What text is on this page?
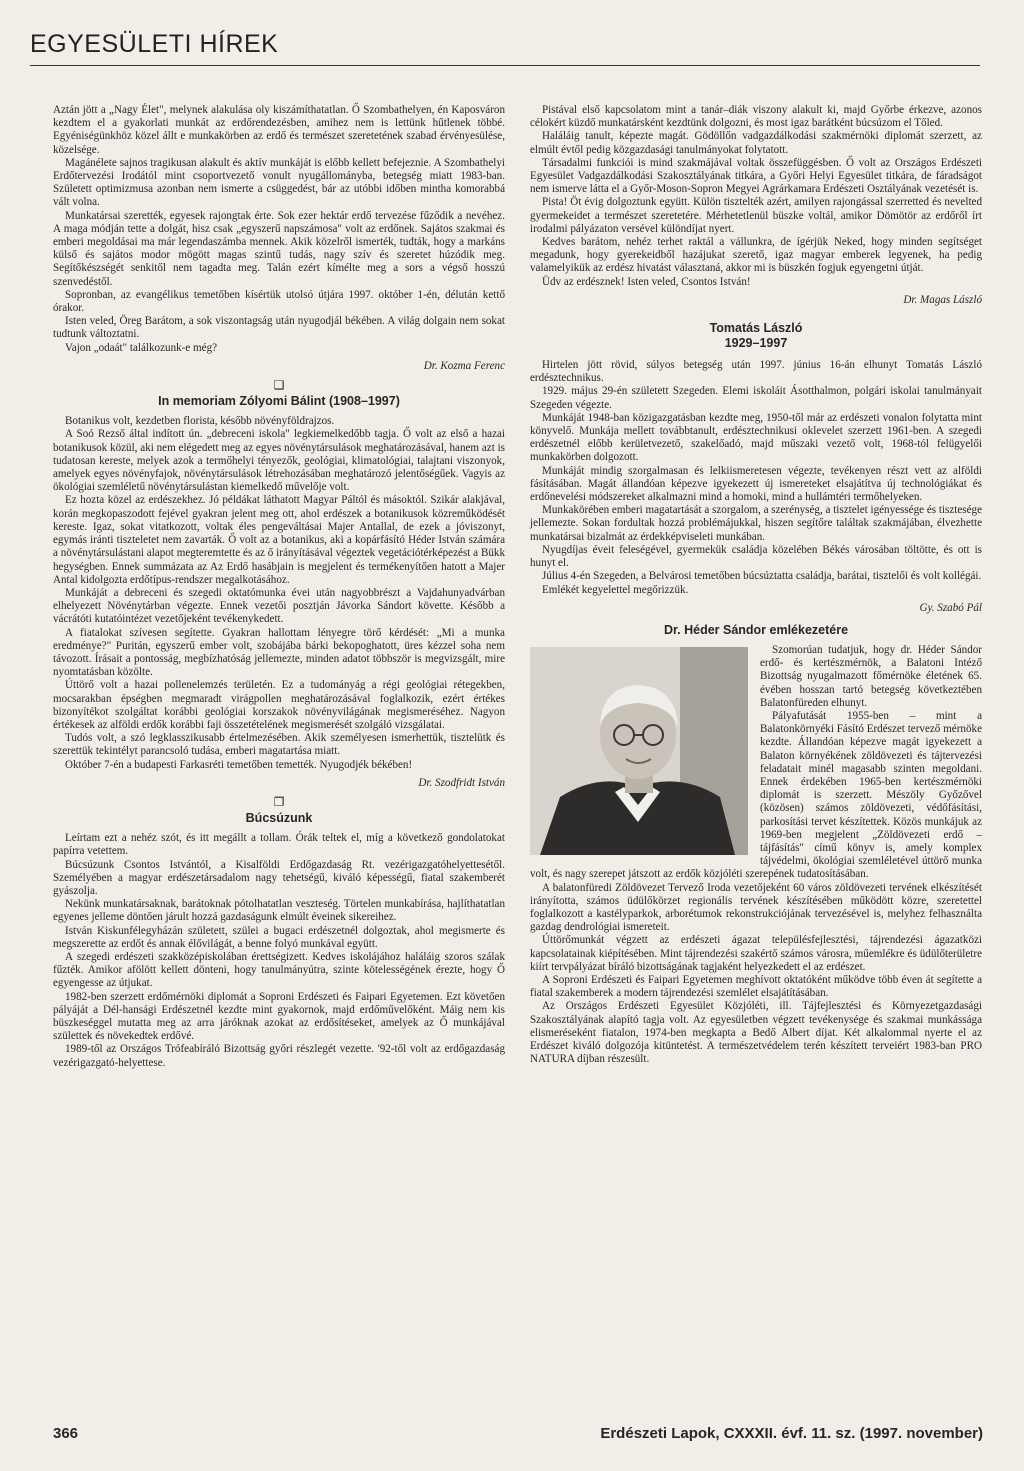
EGYESÜLETI HÍREK

Aztán jött a „Nagy Élet", melynek alakulása oly kiszámíthatatlan. Ő Szombathelyen, én Kaposváron kezdtem el a gyakorlati munkát az erdőrendezésben, amihez nem is lettünk hűtlenek többé. Egyéniségünkhöz közel állt e munkakörben az erdő és természet szeretetének szabad érvényesülése, közelsége.

Magánélete sajnos tragikusan alakult és aktív munkáját is előbb kellett befejeznie. A Szombathelyi Erdőtervezési Irodától mint csoportvezető vonult nyugállományba, betegség miatt 1983-ban. Született optimizmusa azonban nem ismerte a csüggedést, bár az utóbbi időben mintha komorabbá vált volna.

Munkatársai szerették, egyesek rajongtak érte. Sok ezer hektár erdő tervezése fűződik a nevéhez. A maga módján tette a dolgát, hisz csak „egyszerű napszámosa" volt az erdőnek. Sajátos szakmai és emberi megoldásai ma már legendaszámba mennek. Akik közelről ismerték, tudták, hogy a markáns külső és sajátos modor mögött magas szintű tudás, nagy szív és szeretet húzódik meg. Segítőkészségét senkitől nem tagadta meg. Talán ezért kímélte meg a sors a végső hosszú szenvedéstől.

Sopronban, az evangélikus temetőben kísértük utolsó útjára 1997. október 1-én, délután kettő órakor.

Isten veled, Öreg Barátom, a sok viszontagság után nyugodjál békében. A világ dolgain nem sokat tudtunk változtatni.

Vajon „odaát" találkozunk-e még?

Dr. Kozma Ferenc
❑
In memoriam Zólyomi Bálint (1908–1997)

Botanikus volt, kezdetben florista, később növényföldrajzos.

A Soó Rezső által indított ún. „debreceni iskola" legkiemelkedőbb tagja. Ő volt az első a hazai botanikusok közül, aki nem elégedett meg az egyes növénytársulások meghatározásával, hanem azt is tudatosan kereste, melyek azok a termőhelyi tényezők, geológiai, klimatológiai, talajtani viszonyok, amelyek egyes növényfajok, növénytársulások létrehozásában meghatározó jelentőségűek. Vagyis az ökológiai szemléletű növénytársulástan kiemelkedő művelője volt.

Ez hozta közel az erdészekhez. Jó példákat láthatott Magyar Páltól és másoktól. Szikár alakjával, korán megkopaszodott fejével gyakran jelent meg ott, ahol erdészek a botanikusok közreműködését kereste. Igaz, sokat vitatkozott, voltak éles pengeváltásai Majer Antallal, de ezek a jóviszonyt, egymás iránti tiszteletet nem zavarták. Ő volt az a botanikus, aki a kopárfásító Héder István számára a növénytársulástani alapot megteremtette és az ő irányításával végeztek vegetációtérképezést a Bükk hegységben. Ennek summázata az Az Erdő hasábjain is megjelent és termékenyítően hatott a Majer Antal kidolgozta erdőtípus-rendszer megalkotásához.

Munkáját a debreceni és szegedi oktatómunka évei után nagyobbrészt a Vajdahunyadvárban elhelyezett Növénytárban végezte. Ennek vezetői posztján Jávorka Sándort követte. Később a vácrátóti kutatóintézet vezetőjeként tevékenykedett.

A fiatalokat szívesen segítette. Gyakran hallottam lényegre törő kérdését: „Mi a munka eredménye?" Puritán, egyszerű ember volt, szobájába bárki bekopoghatott, üres kézzel soha nem távozott. Írásait a pontosság, megbízhatóság jellemezte, minden adatot többször is megvizsgált, mire nyomtatásban közölte.

Úttörő volt a hazai pollenelemzés területén. Ez a tudományág a régi geológiai rétegekben, mocsarakban épségben megmaradt virágpollen meghatározásával foglalkozik, ezért értékes bizonyítékot szolgáltat korábbi geológiai korszakok növényvilágának megismeréséhez. Nagyon értékesek az alföldi erdők korábbi faji összetételének megismerését szolgáló vizsgálatai.

Tudós volt, a szó legklasszikusabb értelmezésében. Akik személyesen ismerhettük, tisztelütk és szerettük tekintélyt parancsoló tudása, emberi magatartása miatt.

Október 7-én a budapesti Farkasréti temetőben temették. Nyugodjék békében!

Dr. Szodfridt István
❐
Búcsúzunk

Leírtam ezt a nehéz szót, és itt megállt a tollam. Órák teltek el, míg a következő gondolatokat papírra vetettem.

Búcsúzunk Csontos Istvántól, a Kisalföldi Erdőgazdaság Rt. vezérigazgatóhelyettesétől. Személyében a magyar erdészetársadalom nagy tehetségű, kiváló képességű, fiatal szakemberét gyászolja.

Nekünk munkatársaknak, barátoknak pótolhatatlan veszteség. Törtelen munkabírása, hajlíthatatlan egyenes jelleme döntően járult hozzá gazdaságunk elmúlt éveinek sikereihez.

István Kiskunfélegyházán született, szülei a bugaci erdészetnél dolgoztak, ahol megismerte és megszerette az erdőt és annak élővilágát, a benne folyó munkával együtt.

A szegedi erdészeti szakközépiskolában érettségizett. Kedves iskolájához haláláig szoros szálak fűzték. Amikor afölött kellett dönteni, hogy tanulmányútra, szinte kötelességének érezte, hogy Ő egyengesse az útjukat.

1982-ben szerzett erdőmérnöki diplomát a Soproni Erdészeti és Faipari Egyetemen. Ezt követően pályáját a Dél-hansági Erdészetnél kezdte mint gyakornok, majd erdőművelőként. Máig nem kis büszkeséggel mutatta meg az arra járóknak azokat az erdősítéseket, amelyek az Ő munkájával születtek és növekedtek erdővé.

1989-től az Országos Trófeabíráló Bizottság győri részlegét vezette. '92-től volt az erdőgazdaság vezérigazgató-helyettese.

Pistával első kapcsolatom mint a tanár–diák viszony alakult ki, majd Győrbe érkezve, azonos célokért küzdő munkatársként kezdtünk dolgozni, és most igaz barátként búcsúzom el Tőled.

Haláláig tanult, képezte magát. Gödöllőn vadgazdálkodási szakmérnöki diplomát szerzett, az elmúlt évtől pedig közgazdasági tanulmányokat folytatott.

Társadalmi funkciói is mind szakmájával voltak összefüggésben. Ő volt az Országos Erdészeti Egyesület Vadgazdálkodási Szakosztályának titkára, a Győri Helyi Egyesület titkára, de fáradságot nem ismerve látta el a Győr-Moson-Sopron Megyei Agrárkamara Erdészeti Osztályának vezetését is.

Pista! Öt évig dolgoztunk együtt. Külön tisztelték azért, amilyen rajongással szerretted és nevelted gyermekeidet a természet szeretetére. Mérhetetlenül büszke voltál, amikor Dömötör az erdőről írt irodalmi pályázaton versével különdíjat nyert.

Kedves barátom, nehéz terhet raktál a vállunkra, de ígérjük Neked, hogy minden segítséget megadunk, hogy gyerekeidből hazájukat szerető, igaz magyar emberek legyenek, ha pedig valamelyikük az erdész hivatást választaná, akkor mi is büszkén fogjuk egyengetni útját.

Üdv az erdésznek! Isten veled, Csontos István!

Dr. Magas László
Tomatás László
1929–1997

Hirtelen jött rövid, súlyos betegség után 1997. június 16-án elhunyt Tomatás László erdésztechnikus.

1929. május 29-én született Szegeden. Elemi iskoláit Ásotthalmon, polgári iskolai tanulmányait Szegeden végezte.

Munkáját 1948-ban közigazgatásban kezdte meg, 1950-től már az erdészeti vonalon folytatta mint könyvelő. Munkája mellett továbbtanult, erdésztechnikusi oklevelet szerzett 1961-ben. A szegedi erdészetnél előbb kerületvezető, szakelőadó, majd műszaki vezető volt, 1968-tól felügyelői munkakörben dolgozott.

Munkáját mindig szorgalmasan és lelkiismeretesen végezte, tevékenyen részt vett az alföldi fásításában. Magát állandóan képezve igyekezett új ismereteket elsajátítva új technológiákat és erdőnevelési módszereket alkalmazni mind a homoki, mind a hullámtéri termőhelyeken.

Munkakörében emberi magatartását a szorgalom, a szerénység, a tisztelet igényessége és tisztesége jellemezte. Sokan fordultak hozzá problémájukkal, hiszen segítőre találtak szakmájában, élvezhette munkatársai bizalmát az érdekképviseleti munkában.

Nyugdíjas éveit feleségével, gyermekük családja közelében Békés városában töltötte, és ott is hunyt el.

Július 4-én Szegeden, a Belvárosi temetőben búcsúztatta családja, barátai, tisztelői és volt kollégái.

Emlékét kegyelettel megőrizzük.

Gy. Szabó Pál
Dr. Héder Sándor emlékezetére

Szomorúan tudatjuk, hogy dr. Héder Sándor erdő- és kertészmérnök, a Balatoni Intéző Bizottság nyugalmazott főmérnöke életének 65. évében hosszan tartó betegség következtében Balatonfüreden elhunyt.

Pályafutását 1955-ben – mint a Balatonkörnyéki Fásító Erdészet tervező mérnöke kezdte. Állandóan képezve magát igyekezett a Balaton környékének zöldövezeti és tájtervezési feladatait minél magasabb szinten megoldani. Ennek érdekében 1965-ben kertészmérnöki diplomát is szerzett. Mészöly Győzővel (közösen) számos zöldövezeti, védőfásítási, parkosítási tervet készítettek. Közös munkájuk az 1969-ben megjelent „Zöldövezeti erdő – tájfásítás" című könyv is, amely komplex tájvédelmi, ökológiai szemléletével úttörő munka volt, és nagy szerepet játszott az erdők közjóléti szerepének tudatosításában.

A balatonfüredi Zöldövezet Tervező Iroda vezetőjeként 60 város zöldövezeti tervének elkészítését irányította, számos üdülőkörzet regionális tervének készítésében működött közre, szeretettel foglalkozott a kastélyparkok, arborétumok rekonstrukciójának tervezésével is, melyhez felhasználta gazdag dendrológiai ismereteit.

Úttörőmunkát végzett az erdészeti ágazat településfejlesztési, tájrendezési ágazatközi kapcsolatainak kiépítésében. Mint tájrendezési szakértő számos városra, műemlékre és üdülőterületre kiírt tervpályázat bíráló bizottságának tagjaként helyezkedett el az erdészet.

A Soproni Erdészeti és Faipari Egyetemen meghívott oktatóként működve több éven át segítette a fiatal szakemberek a modern tájrendezési szemlélet elsajátításában.

Az Országos Erdészeti Egyesület Közjóléti, ill. Tájfejlesztési és Környezetgazdasági Szakosztályának alapító tagja volt. Az egyesületben végzett tevékenysége és szakmai munkássága elismeréseként fiatalon, 1974-ben megkapta a Bedő Albert díjat. Két alkalommal nyerte el az Erdészet kiváló dolgozója kitüntetést. A természetvédelem terén készített terveiért 1983-ban PRO NATURA díjban részesült.

366	Erdészeti Lapok, CXXXII. évf. 11. sz. (1997. november)
